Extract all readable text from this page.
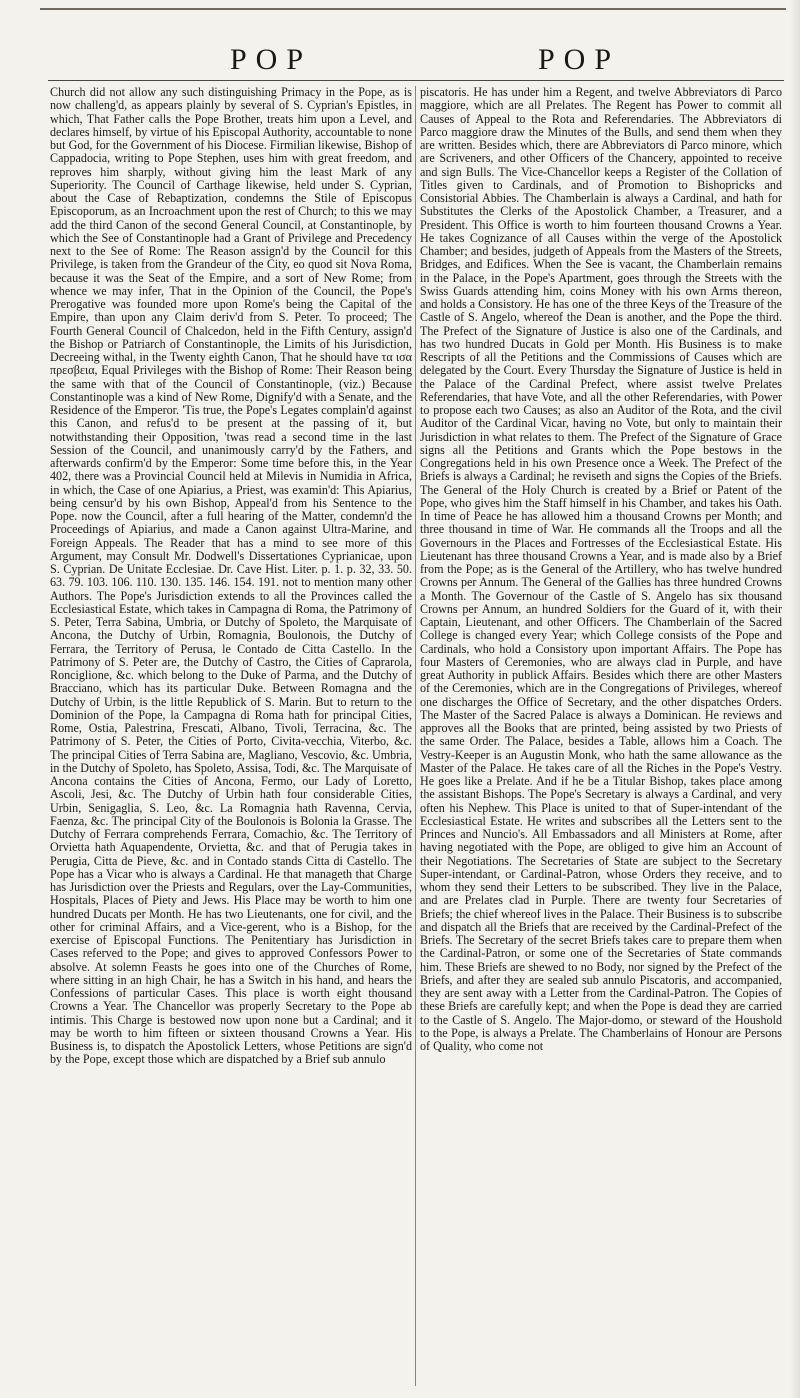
POP	POP

Church did not allow any such distinguishing Primacy in the Pope, as is now challeng'd, as appears plainly by several of S. Cyprian's Epistles, in which, That Father calls the Pope Brother, treats him upon a Level, and declares himself, by virtue of his Episcopal Authority, accountable to none but God, for the Government of his Diocese. Firmilian likewise, Bishop of Cappadocia, writing to Pope Stephen, uses him with great freedom, and reproves him sharply, without giving him the least Mark of any Superiority. The Council of Carthage likewise, held under S. Cyprian, about the Case of Rebaptization, condemns the Stile of Episcopus Episcoporum, as an Incroachment upon the rest of Church; to this we may add the third Canon of the second General Council, at Constantinople, by which the See of Constantinople had a Grant of Privilege and Precedency next to the See of Rome: The Reason assign'd by the Council for this Privilege, is taken from the Grandeur of the City, eo quod sit Nova Roma, because it was the Seat of the Empire, and a sort of New Rome; from whence we may infer, That in the Opinion of the Council, the Pope's Prerogative was founded more upon Rome's being the Capital of the Empire, than upon any Claim deriv'd from S. Peter. To proceed; The Fourth General Council of Chalcedon, held in the Fifth Century, assign'd the Bishop or Patriarch of Constantinople, the Limits of his Jurisdiction, Decreeing withal, in the Twenty eighth Canon, That he should have τα ισα πρεσβεια, Equal Privileges with the Bishop of Rome: Their Reason being the same with that of the Council of Constantinople, (viz.) Because Constantinople was a kind of New Rome, Dignify'd with a Senate, and the Residence of the Emperor. 'Tis true, the Pope's Legates complain'd against this Canon, and refus'd to be present at the passing of it, but notwithstanding their Opposition, 'twas read a second time in the last Session of the Council, and unanimously carry'd by the Fathers, and afterwards confirm'd by the Emperor: Some time before this, in the Year 402, there was a Provincial Council held at Milevis in Numidia in Africa, in which, the Case of one Apiarius, a Priest, was examin'd: This Apiarius, being censur'd by his own Bishop, Appeal'd from his Sentence to the Pope. now the Council, after a full hearing of the Matter, condemn'd the Proceedings of Apiarius, and made a Canon against Ultra-Marine, and Foreign Appeals. The Reader that has a mind to see more of this Argument, may Consult Mr. Dodwell's Dissertationes Cyprianicae, upon S. Cyprian. De Unitate Ecclesiae. Dr. Cave Hist. Liter. p. 1. p. 32, 33. 50. 63. 79. 103. 106. 110. 130. 135. 146. 154. 191. not to mention many other Authors. The Pope's Jurisdiction extends to all the Provinces called the Ecclesiastical Estate, which takes in Campagna di Roma, the Patrimony of S. Peter, Terra Sabina, Umbria, or Dutchy of Spoleto, the Marquisate of Ancona, the Dutchy of Urbin, Romagnia, Boulonois, the Dutchy of Ferrara, the Territory of Perusa, le Contado de Citta Castello. In the Patrimony of S. Peter are, the Dutchy of Castro, the Cities of Caprarola, Ronciglione, &c. which belong to the Duke of Parma, and the Dutchy of Bracciano, which has its particular Duke. Between Romagna and the Dutchy of Urbin, is the little Republick of S. Marin. But to return to the Dominion of the Pope, la Campagna di Roma hath for principal Cities, Rome, Ostia, Palestrina, Frescati, Albano, Tivoli, Terracina, &c. The Patrimony of S. Peter, the Cities of Porto, Civita-vecchia, Viterbo, &c. The principal Cities of Terra Sabina are, Magliano, Vescovio, &c. Umbria, in the Dutchy of Spoleto, has Spoleto, Assisa, Todi, &c. The Marquisate of Ancona contains the Cities of Ancona, Fermo, our Lady of Loretto, Ascoli, Jesi, &c. The Dutchy of Urbin hath four considerable Cities, Urbin, Senigaglia, S. Leo, &c. La Romagnia hath Ravenna, Cervia, Faenza, &c. The principal City of the Boulonois is Bolonia la Grasse. The Dutchy of Ferrara comprehends Ferrara, Comachio, &c. The Territory of Orvietta hath Aquapendente, Orvietta, &c. and that of Perugia takes in Perugia, Citta de Pieve, &c. and in Contado stands Citta di Castello. The Pope has a Vicar who is always a Cardinal. He that manageth that Charge has Jurisdiction over the Priests and Regulars, over the Lay-Communities, Hospitals, Places of Piety and Jews. His Place may be worth to him one hundred Ducats per Month. He has two Lieutenants, one for civil, and the other for criminal Affairs, and a Vice-gerent, who is a Bishop, for the exercise of Episcopal Functions. The Penitentiary has Jurisdiction in Cases referved to the Pope; and gives to approved Confessors Power to absolve. At solemn Feasts he goes into one of the Churches of Rome, where sitting in an high Chair, he has a Switch in his hand, and hears the Confessions of particular Cases. This place is worth eight thousand Crowns a Year. The Chancellor was properly Secretary to the Pope ab intimis. This Charge is bestowed now upon none but a Cardinal; and it may be worth to him fifteen or sixteen thousand Crowns a Year. His Business is, to dispatch the Apostolick Letters, whose Petitions are sign'd by the Pope, except those which are dispatched by a Brief sub annulo

piscatoris. He has under him a Regent, and twelve Abbreviators di Parco maggiore, which are all Prelates. The Regent has Power to commit all Causes of Appeal to the Rota and Referendaries. The Abbreviators di Parco maggiore draw the Minutes of the Bulls, and send them when they are written. Besides which, there are Abbreviators di Parco minore, which are Scriveners, and other Officers of the Chancery, appointed to receive and sign Bulls. The Vice-Chancellor keeps a Register of the Collation of Titles given to Cardinals, and of Promotion to Bishopricks and Consistorial Abbies. The Chamberlain is always a Cardinal, and hath for Substitutes the Clerks of the Apostolick Chamber, a Treasurer, and a President. This Office is worth to him fourteen thousand Crowns a Year. He takes Cognizance of all Causes within the verge of the Apostolick Chamber; and besides, judgeth of Appeals from the Masters of the Streets, Bridges, and Edifices. When the See is vacant, the Chamberlain remains in the Palace, in the Pope's Apartment, goes through the Streets with the Swiss Guards attending him, coins Money with his own Arms thereon, and holds a Consistory. He has one of the three Keys of the Treasure of the Castle of S. Angelo, whereof the Dean is another, and the Pope the third. The Prefect of the Signature of Justice is also one of the Cardinals, and has two hundred Ducats in Gold per Month. His Business is to make Rescripts of all the Petitions and the Commissions of Causes which are delegated by the Court. Every Thursday the Signature of Justice is held in the Palace of the Cardinal Prefect, where assist twelve Prelates Referendaries, that have Vote, and all the other Referendaries, with Power to propose each two Causes; as also an Auditor of the Rota, and the civil Auditor of the Cardinal Vicar, having no Vote, but only to maintain their Jurisdiction in what relates to them. The Prefect of the Signature of Grace signs all the Petitions and Grants which the Pope bestows in the Congregations held in his own Presence once a Week. The Prefect of the Briefs is always a Cardinal; he reviseth and signs the Copies of the Briefs. The General of the Holy Church is created by a Brief or Patent of the Pope, who gives him the Staff himself in his Chamber, and takes his Oath. In time of Peace he has allowed him a thousand Crowns per Month; and three thousand in time of War. He commands all the Troops and all the Governours in the Places and Fortresses of the Ecclesiastical Estate. His Lieutenant has three thousand Crowns a Year, and is made also by a Brief from the Pope; as is the General of the Artillery, who has twelve hundred Crowns per Annum. The General of the Gallies has three hundred Crowns a Month. The Governour of the Castle of S. Angelo has six thousand Crowns per Annum, an hundred Soldiers for the Guard of it, with their Captain, Lieutenant, and other Officers. The Chamberlain of the Sacred College is changed every Year; which College consists of the Pope and Cardinals, who hold a Consistory upon important Affairs. The Pope has four Masters of Ceremonies, who are always clad in Purple, and have great Authority in publick Affairs. Besides which there are other Masters of the Ceremonies, which are in the Congregations of Privileges, whereof one discharges the Office of Secretary, and the other dispatches Orders. The Master of the Sacred Palace is always a Dominican. He reviews and approves all the Books that are printed, being assisted by two Priests of the same Order. The Palace, besides a Table, allows him a Coach. The Vestry-Keeper is an Augustin Monk, who hath the same allowance as the Master of the Palace. He takes care of all the Riches in the Pope's Vestry. He goes like a Prelate. And if he be a Titular Bishop, takes place among the assistant Bishops. The Pope's Secretary is always a Cardinal, and very often his Nephew. This Place is united to that of Super-intendant of the Ecclesiastical Estate. He writes and subscribes all the Letters sent to the Princes and Nuncio's. All Embassadors and all Ministers at Rome, after having negotiated with the Pope, are obliged to give him an Account of their Negotiations. The Secretaries of State are subject to the Secretary Super-intendant, or Cardinal-Patron, whose Orders they receive, and to whom they send their Letters to be subscribed. They live in the Palace, and are Prelates clad in Purple. There are twenty four Secretaries of Briefs; the chief whereof lives in the Palace. Their Business is to subscribe and dispatch all the Briefs that are received by the Cardinal-Prefect of the Briefs. The Secretary of the secret Briefs takes care to prepare them when the Cardinal-Patron, or some one of the Secretaries of State commands him. These Briefs are shewed to no Body, nor signed by the Prefect of the Briefs, and after they are sealed sub annulo Piscatoris, and accompanied, they are sent away with a Letter from the Cardinal-Patron. The Copies of these Briefs are carefully kept; and when the Pope is dead they are carried to the Castle of S. Angelo. The Major-domo, or steward of the Houshold to the Pope, is always a Prelate. The Chamberlains of Honour are Persons of Quality, who come not
